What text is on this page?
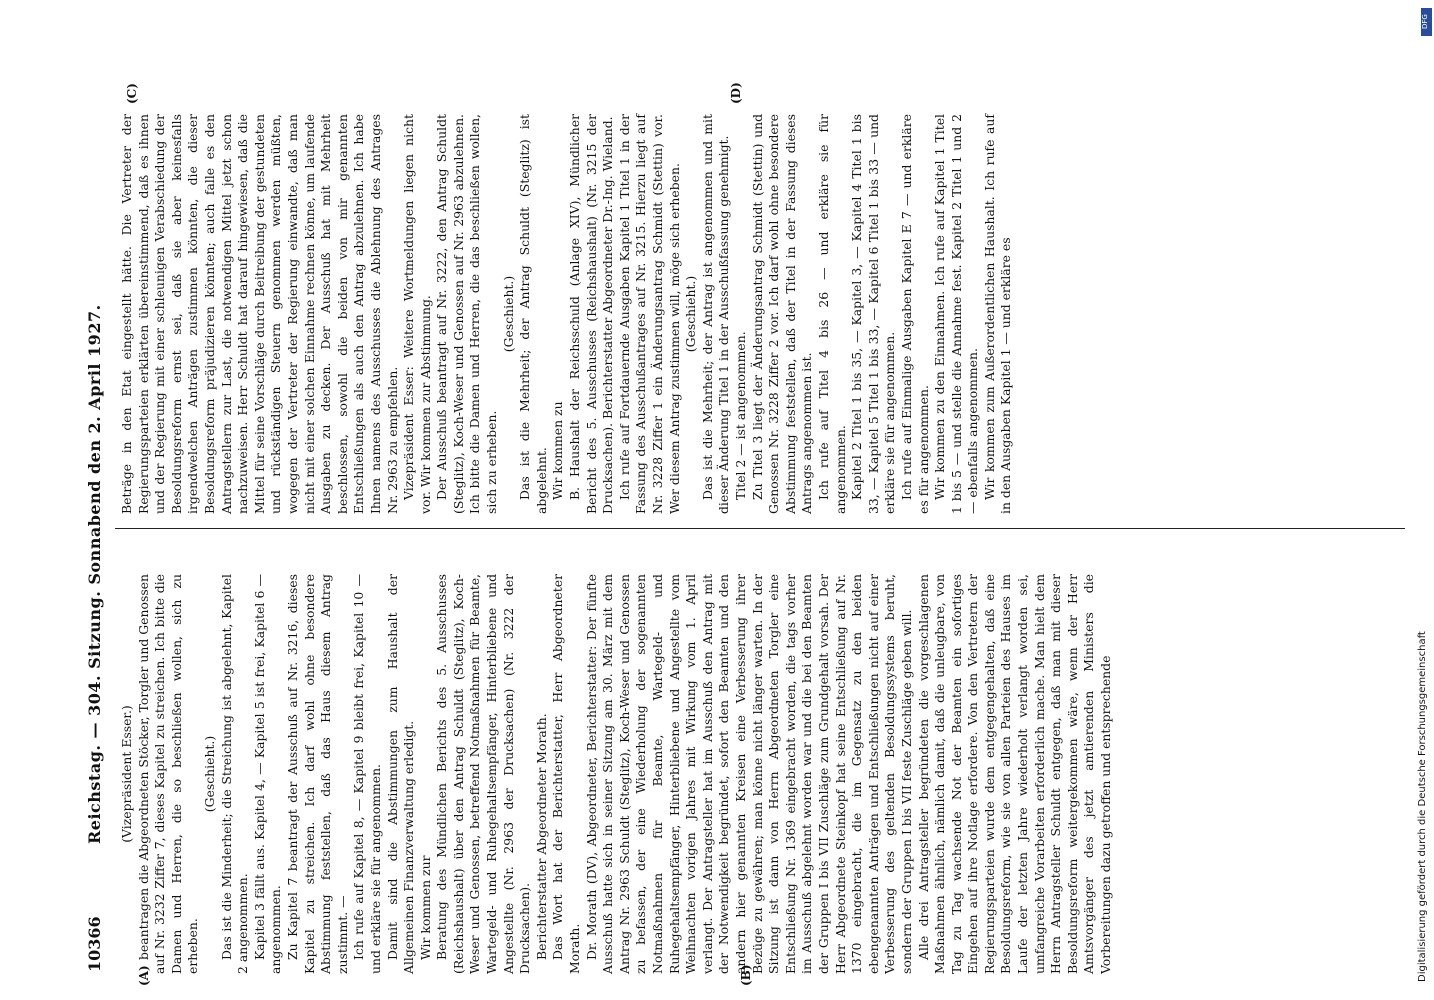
10366
Reichstag. — 304. Sitzung. Sonnabend den 2. April 1927. (Vizepräsident Esser.) beantragen die Abgeordneten Stöcker, Torgler und Genossen auf Nr. 3232 Ziffer 7, dieses Kapitel zu streichen. Ich bitte die Damen und Herren, die so beschließen wollen, sich zu erheben.

(Geschieht.) Das ist die Minderheit; die Streichung ist abgelehnt, Kapitel 2 angenommen. Kapitel 3 fällt aus. Kapitel 4, — Kapitel 5 ist frei, Kapitel 6 — angenommen. Zu Kapitel 7 beantragt der Ausschuß auf Nr. 3216, dieses Kapitel zu streichen. Ich darf wohl ohne besondere Abstimmung feststellen, daß das Haus diesem Antrag zustimmt. — Ich rufe auf Kapitel 8, — Kapitel 9 bleibt frei, Kapitel 10 — und erkläre sie für angenommen. Damit sind die Abstimmungen zum Haushalt der Allgemeinen Finanzverwaltung erledigt. Wir kommen zur Beratung des Mündlichen Berichts des 5. Ausschusses (Reichshaushalt) über den Antrag Schuldt (Steglitz), Koch-Weser und Genossen, betreffend Notmaßnahmen für Beamte, Wartegeld- und Ruhegehaltsempfänger, Hinterbliebene und Angestellte (Nr. 2963 der Drucksachen) (Nr. 3222 der Drucksachen). Berichterstatter Abgeordneter Morath. Das Wort hat der Berichterstatter, Herr Abgeordneter Morath. Dr. Morath (DV), Abgeordneter, Berichterstatter: Der fünfte Ausschuß hatte sich in seiner Sitzung am 30. März mit dem Antrag Nr. 2963 Schuldt (Steglitz), Koch-Weser und Genossen zu befassen, der eine Wiederholung der sogenannten Notmaßnahmen für Beamte, Wartegeld- und Ruhegehaltsempfänger, Hinterbliebene und Angestellte vom Weihnachten vorigen Jahres mit Wirkung vom 1. April verlangt. Der Antragsteller hat im Ausschuß den Antrag mit der Notwendigkeit begründet, sofort den Beamten und den andern hier genannten Kreisen eine Verbesserung ihrer Bezüge zu gewähren; man könne nicht länger warten. In der Sitzung ist dann von Herrn Abgeordneten Torgler eine Entschließung Nr. 1369 eingebracht worden, die tags vorher im Ausschuß abgelehnt worden war und die bei den Beamten der Gruppen I bis VII Zuschläge zum Grundgehalt vorsah. Der Herr Abgeordnete Steinkopf hat seine Entschließung auf Nr. 1370 eingebracht, die im Gegensatz zu den beiden ebengenannten Anträgen und Entschließungen nicht auf einer Verbesserung des geltenden Besoldungssystems beruht, sondern der Gruppen I bis VII feste Zuschläge geben will. Alle drei Antragsteller begründeten die vorgeschlagenen Maßnahmen ähnlich, nämlich damit, daß die unleugbare, von Tag zu Tag wachsende Not der Beamten ein sofortiges Eingehen auf ihre Notlage erfordere. Von den Vertretern der Regierungsparteien wurde dem entgegengehalten, daß eine Besoldungsreform, wie sie von allen Parteien des Hauses im Laufe der letzten Jahre wiederholt verlangt worden sei, umfangreiche Vorarbeiten erforderlich mache. Man hielt dem Herrn Antragsteller Schuldt entgegen, daß man mit dieser Besoldungsreform weitergekommen wäre, wenn der Herr Amtsvorgänger des jetzt amtierenden Ministers die Vorbereitungen dazu getroffen und entsprechende

Beträge in den Etat eingestellt hätte. Die Vertreter der Regierungsparteien erklärten übereinstimmend, daß es ihnen und der Regierung mit einer schleunigen Verabschiedung der Besoldungsreform ernst sei, daß sie aber keinesfalls irgendwelchen Anträgen zustimmen könnten, die dieser Besoldungsreform präjudizieren könnten; auch falle es den Antragstellern zur Last, die notwendigen Mittel jetzt schon nachzuweisen. Herr Schuldt hat darauf hingewiesen, daß die Mittel für seine Vorschläge durch Beitreibung der gestundeten und rückständigen Steuern genommen werden müßten, wogegen der Vertreter der Regierung einwandte, daß man nicht mit einer solchen Einnahme rechnen könne, um laufende Ausgaben zu decken. Der Ausschuß hat mit Mehrheit beschlossen, sowohl die beiden von mir genannten Entschließungen als auch den Antrag abzulehnen. Ich habe Ihnen namens des Ausschusses die Ablehnung des Antrages Nr. 2963 zu empfehlen. Vizepräsident Esser: Weitere Wortmeldungen liegen nicht vor. Wir kommen zur Abstimmung. Der Ausschuß beantragt auf Nr. 3222, den Antrag Schuldt (Steglitz), Koch-Weser und Genossen auf Nr. 2963 abzulehnen. Ich bitte die Damen und Herren, die das beschließen wollen, sich zu erheben.

(Geschieht.) Das ist die Mehrheit; der Antrag Schuldt (Steglitz) ist abgelehnt. Wir kommen zu B. Haushalt der Reichsschuld (Anlage XIV), Mündlicher Bericht des 5. Ausschusses (Reichshaushalt) (Nr. 3215 der Drucksachen). Berichterstatter Abgeordneter Dr.-Ing. Wieland. Ich rufe auf Fortdauernde Ausgaben Kapitel 1 Titel 1 in der Fassung des Ausschußantrages auf Nr. 3215. Hierzu liegt auf Nr. 3228 Ziffer 1 ein Änderungsantrag Schmidt (Stettin) vor. Wer diesem Antrag zustimmen will, möge sich erheben. (Geschieht.) Das ist die Mehrheit; der Antrag ist angenommen und mit dieser Änderung Titel 1 in der Ausschußfassung genehmigt. Titel 2 — ist angenommen. Zu Titel 3 liegt der Änderungsantrag Schmidt (Stettin) und Genossen Nr. 3228 Ziffer 2 vor. Ich darf wohl ohne besondere Abstimmung feststellen, daß der Titel in der Fassung dieses Antrags angenommen ist. Ich rufe auf Titel 4 bis 26 — und erkläre sie für angenommen. Kapitel 2 Titel 1 bis 35, — Kapitel 3, — Kapitel 4 Titel 1 bis 33, — Kapitel 5 Titel 1 bis 33, — Kapitel 6 Titel 1 bis 33 — und erkläre sie für angenommen. Ich rufe auf Einmalige Ausgaben Kapitel E 7 — und erkläre es für angenommen. Wir kommen zu den Einnahmen. Ich rufe auf Kapitel 1 Titel 1 bis 5 — und stelle die Annahme fest. Kapitel 2 Titel 1 und 2 — ebenfalls angenommen. Wir kommen zum Außerordentlichen Haushalt. Ich rufe auf in den Ausgaben Kapitel 1 — und erkläre es

(A)	(B)
(C)	(D)
Digitalisierung gefördert durch die Deutsche Forschungsgemeinschaft
DFG
